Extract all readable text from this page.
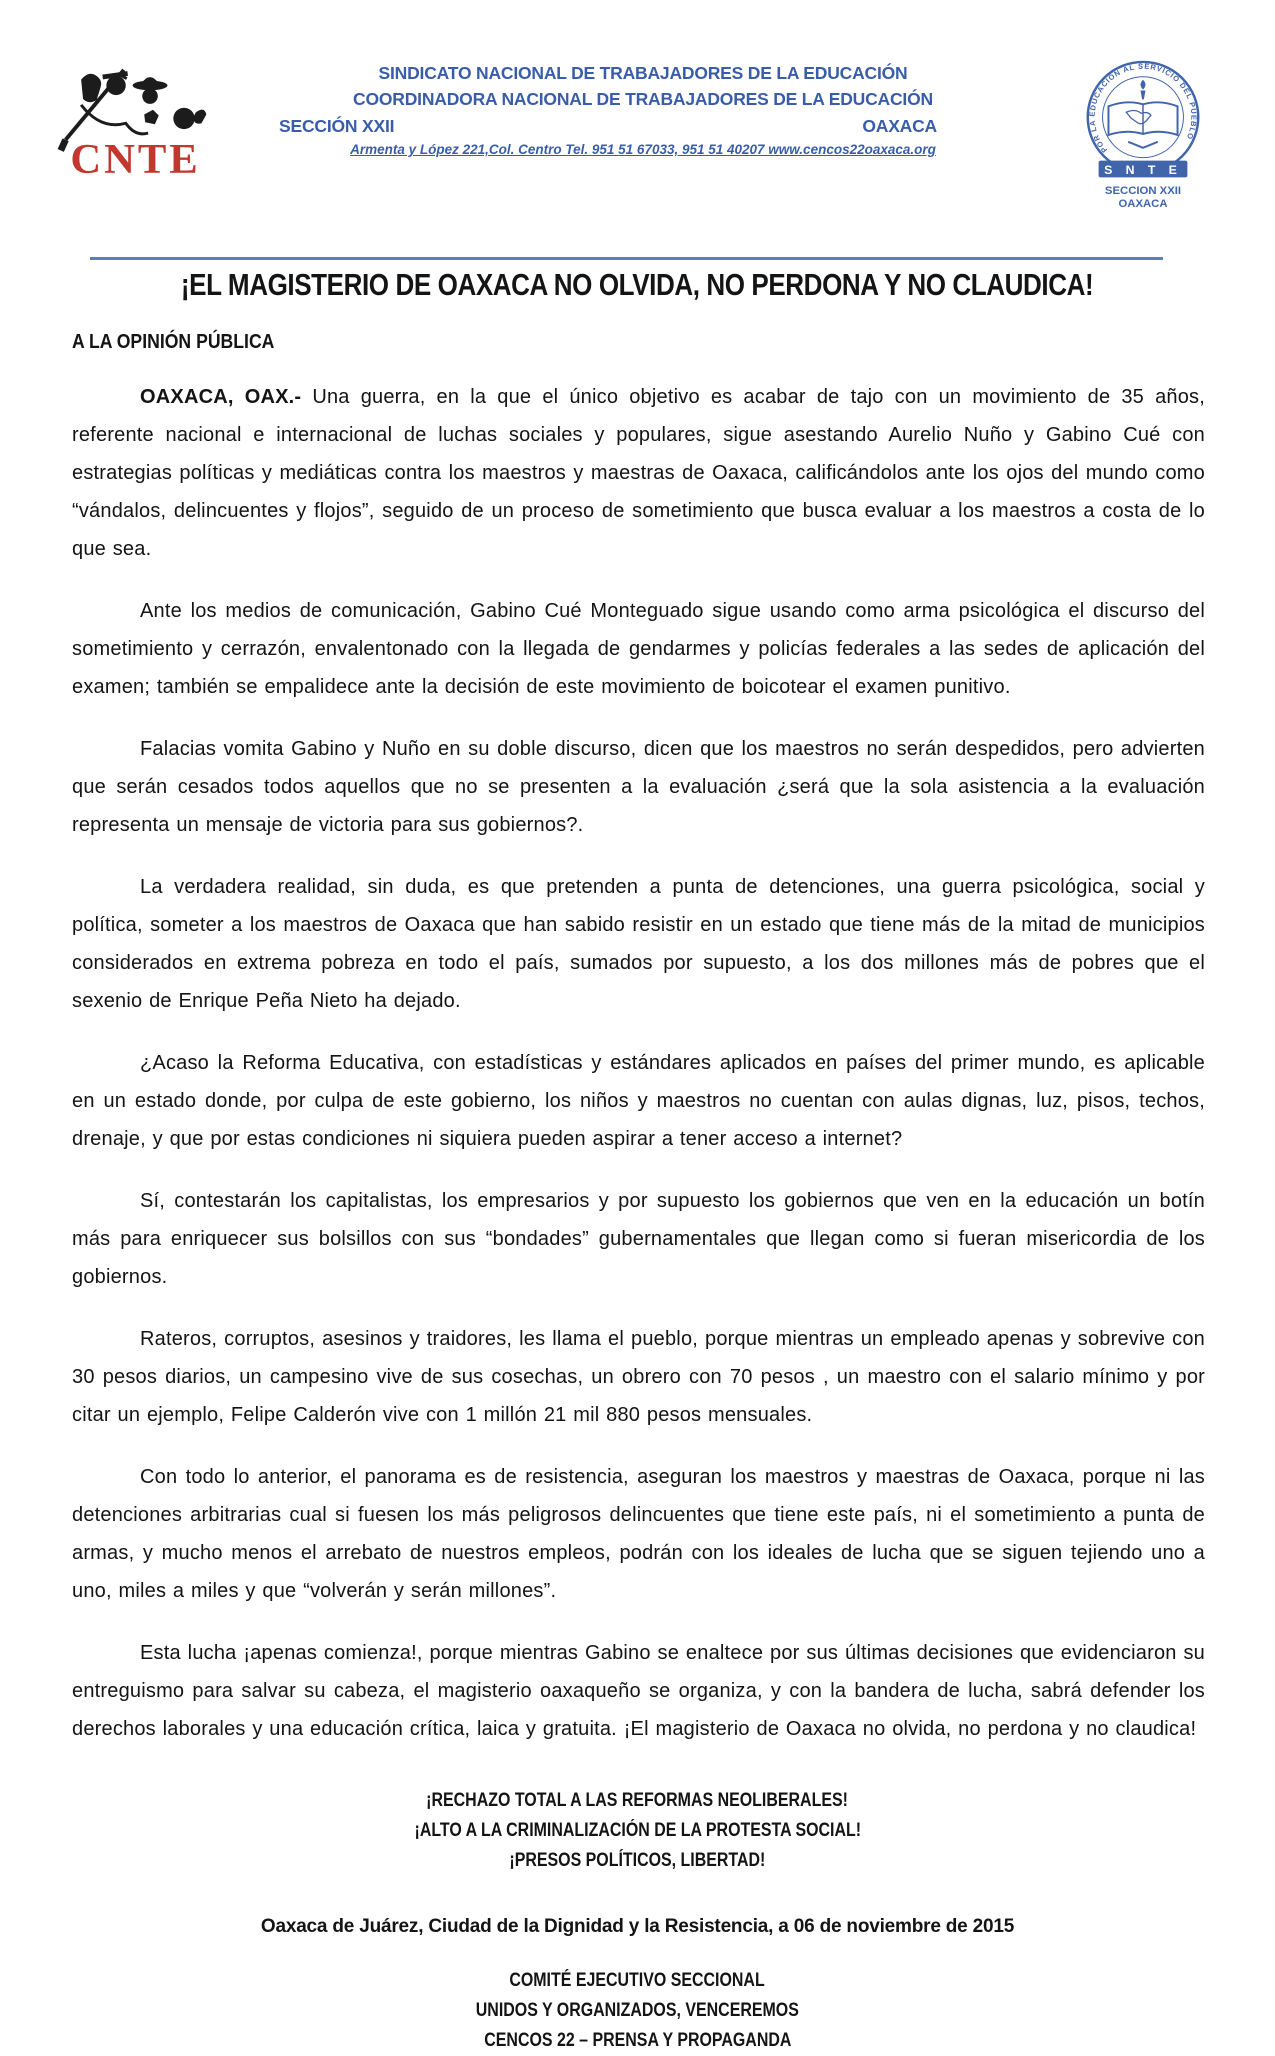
CNTE
SINDICATO NACIONAL DE TRABAJADORES DE LA EDUCACIÓN
COORDINADORA NACIONAL DE TRABAJADORES DE LA EDUCACIÓN
SECCIÓN XXII	OAXACA
Armenta y López 221,Col. Centro Tel. 951 51 67033, 951 51 40207 www.cencos22oaxaca.org	POR LA EDUCACIÓN AL SERVICIO DEL PUEBLO
S N T E
SECCION XXII
OAXACA
¡EL MAGISTERIO DE OAXACA NO OLVIDA, NO PERDONA Y NO CLAUDICA!
A LA OPINIÓN PÚBLICA

OAXACA, OAX.- Una guerra, en la que el único objetivo es acabar de tajo con un movimiento de 35 años, referente nacional e internacional de luchas sociales y populares, sigue asestando Aurelio Nuño y Gabino Cué con estrategias políticas y mediáticas contra los maestros y maestras de Oaxaca, calificándolos ante los ojos del mundo como “vándalos, delincuentes y flojos”, seguido de un proceso de sometimiento que busca evaluar a los maestros a costa de lo que sea.

Ante los medios de comunicación, Gabino Cué Monteguado sigue usando como arma psicológica el discurso del sometimiento y cerrazón, envalentonado con la llegada de gendarmes y policías federales a las sedes de aplicación del examen; también se empalidece ante la decisión de este movimiento de boicotear el examen punitivo.

Falacias vomita Gabino y Nuño en su doble discurso, dicen que los maestros no serán despedidos, pero advierten que serán cesados todos aquellos que no se presenten a la evaluación ¿será que la sola asistencia a la evaluación representa un mensaje de victoria para sus gobiernos?.

La verdadera realidad, sin duda, es que pretenden a punta de detenciones, una guerra psicológica, social y política, someter a los maestros de Oaxaca que han sabido resistir en un estado que tiene más de la mitad de municipios considerados en extrema pobreza en todo el país, sumados por supuesto, a los dos millones más de pobres que el sexenio de Enrique Peña Nieto ha dejado.

¿Acaso la Reforma Educativa, con estadísticas y estándares aplicados en países del primer mundo, es aplicable en un estado donde, por culpa de este gobierno, los niños y maestros no cuentan con aulas dignas, luz, pisos, techos, drenaje, y que por estas condiciones ni siquiera pueden aspirar a tener acceso a internet?

Sí, contestarán los capitalistas, los empresarios y por supuesto los gobiernos que ven en la educación un botín más para enriquecer sus bolsillos con sus “bondades” gubernamentales que llegan como si fueran misericordia de los gobiernos.

Rateros, corruptos, asesinos y traidores, les llama el pueblo, porque mientras un empleado apenas y sobrevive con 30 pesos diarios, un campesino vive de sus cosechas, un obrero con 70 pesos , un maestro con el salario mínimo y por citar un ejemplo, Felipe Calderón vive con 1 millón 21 mil 880 pesos mensuales.

Con todo lo anterior, el panorama es de resistencia, aseguran los maestros y maestras de Oaxaca, porque ni las detenciones arbitrarias cual si fuesen los más peligrosos delincuentes que tiene este país, ni el sometimiento a punta de armas, y mucho menos el arrebato de nuestros empleos, podrán con los ideales de lucha que se siguen tejiendo uno a uno, miles a miles y que “volverán y serán millones”.

Esta lucha ¡apenas comienza!, porque mientras Gabino se enaltece por sus últimas decisiones que evidenciaron su entreguismo para salvar su cabeza, el magisterio oaxaqueño se organiza, y con la bandera de lucha, sabrá defender los derechos laborales y una educación crítica, laica y gratuita. ¡El magisterio de Oaxaca no olvida, no perdona y no claudica!

¡RECHAZO TOTAL A LAS REFORMAS NEOLIBERALES!
¡ALTO A LA CRIMINALIZACIÓN DE LA PROTESTA SOCIAL!
¡PRESOS POLÍTICOS, LIBERTAD!
Oaxaca de Juárez, Ciudad de la Dignidad y la Resistencia, a 06 de noviembre de 2015
COMITÉ EJECUTIVO SECCIONAL
UNIDOS Y ORGANIZADOS, VENCEREMOS
CENCOS 22 – PRENSA Y PROPAGANDA
